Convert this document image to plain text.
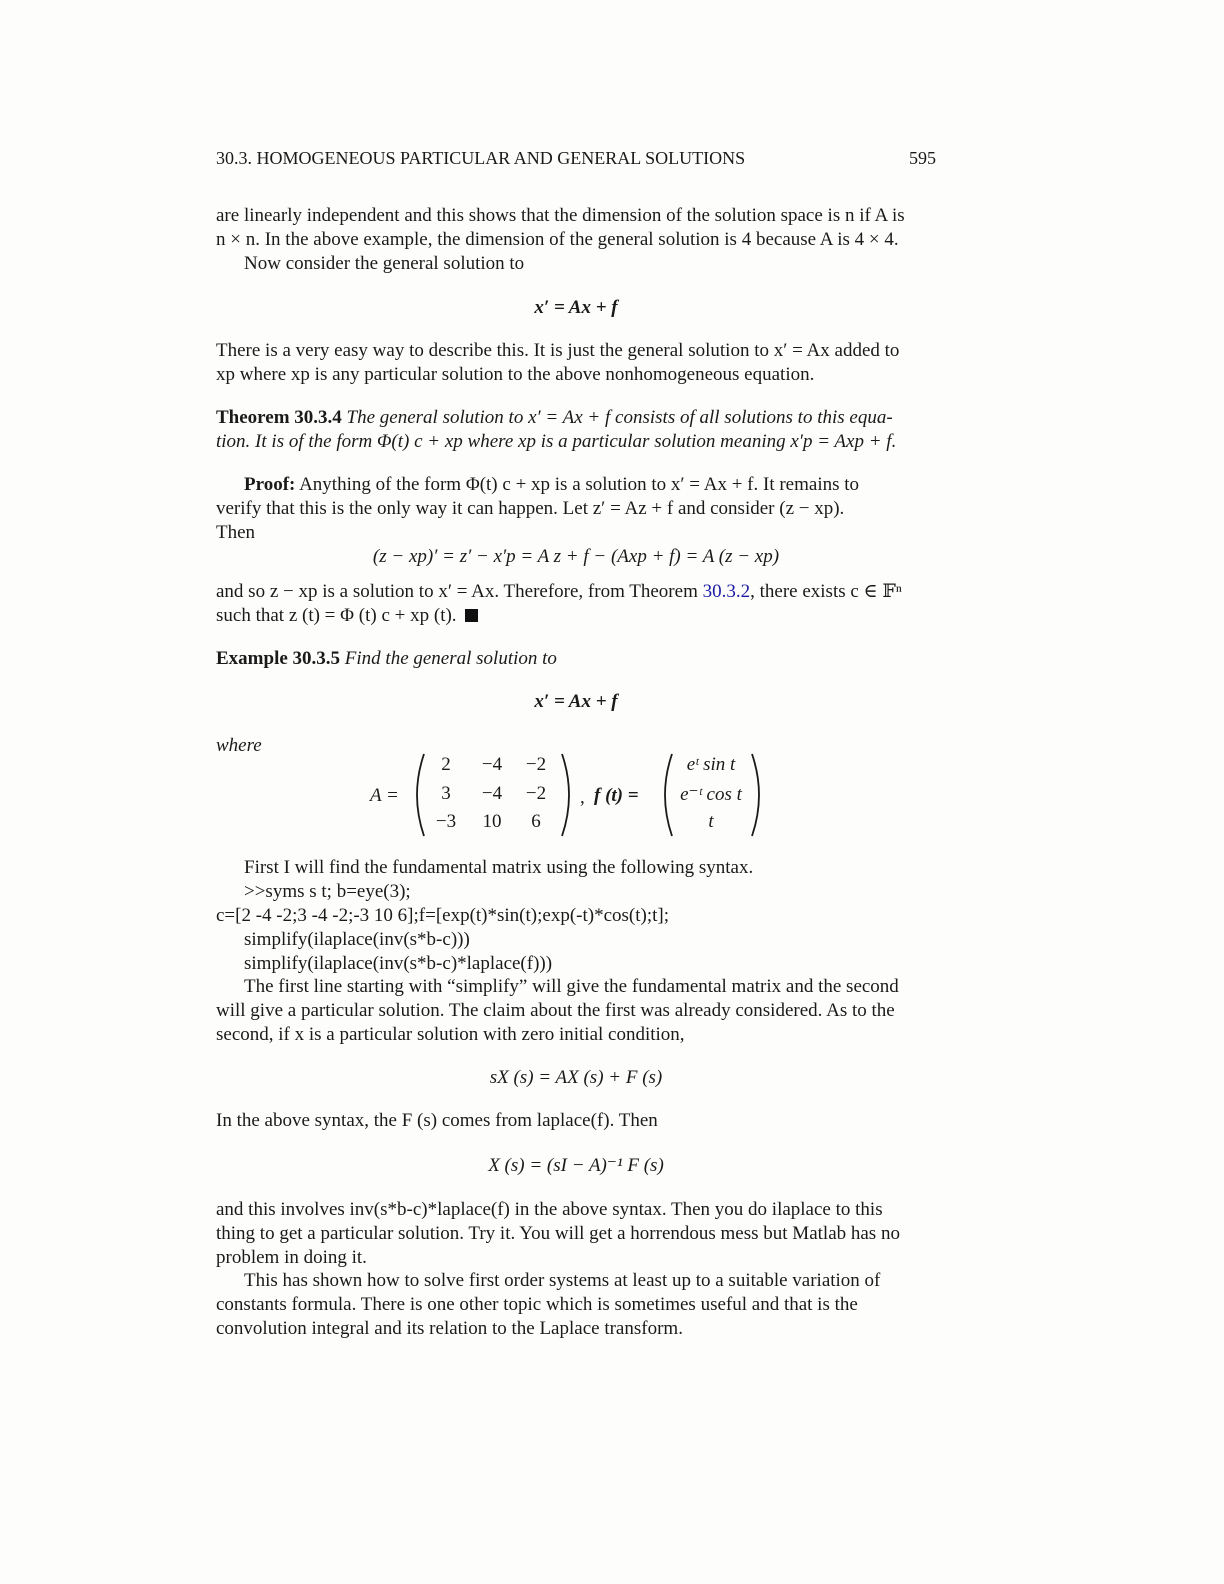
30.3. HOMOGENEOUS PARTICULAR AND GENERAL SOLUTIONS	595
are linearly independent and this shows that the dimension of the solution space is n if A is
n × n. In the above example, the dimension of the general solution is 4 because A is 4 × 4.
Now consider the general solution to
x′ = Ax + f
There is a very easy way to describe this. It is just the general solution to x′ = Ax added to
xp where xp is any particular solution to the above nonhomogeneous equation.
Theorem 30.3.4 The general solution to x′ = Ax + f consists of all solutions to this equa-
tion. It is of the form Φ(t) c + xp where xp is a particular solution meaning x′p = Axp + f.
Proof: Anything of the form Φ(t) c + xp is a solution to x′ = Ax + f. It remains to
verify that this is the only way it can happen. Let z′ = Az + f and consider (z − xp).
Then
(z − xp)′ = z′ − x′p = A z + f − (Axp + f) = A (z − xp)
and so z − xp is a solution to x′ = Ax. Therefore, from Theorem 30.3.2, there exists c ∈ 𝔽ⁿ
such that z (t) = Φ (t) c + xp (t).
Example 30.3.5 Find the general solution to
x′ = Ax + f
where
A =
2	−4	−2
3	−4	−2
−3	10	6
, f (t) =
eᵗ sin t
e⁻ᵗ cos t
t
First I will find the fundamental matrix using the following syntax.
>>syms s t; b=eye(3);
c=[2 -4 -2;3 -4 -2;-3 10 6];f=[exp(t)*sin(t);exp(-t)*cos(t);t];
simplify(ilaplace(inv(s*b-c)))
simplify(ilaplace(inv(s*b-c)*laplace(f)))
The first line starting with “simplify” will give the fundamental matrix and the second
will give a particular solution. The claim about the first was already considered. As to the
second, if x is a particular solution with zero initial condition,
sX (s) = AX (s) + F (s)
In the above syntax, the F (s) comes from laplace(f). Then
X (s) = (sI − A)⁻¹ F (s)
and this involves inv(s*b-c)*laplace(f) in the above syntax. Then you do ilaplace to this
thing to get a particular solution. Try it. You will get a horrendous mess but Matlab has no
problem in doing it.
This has shown how to solve first order systems at least up to a suitable variation of
constants formula. There is one other topic which is sometimes useful and that is the
convolution integral and its relation to the Laplace transform.
